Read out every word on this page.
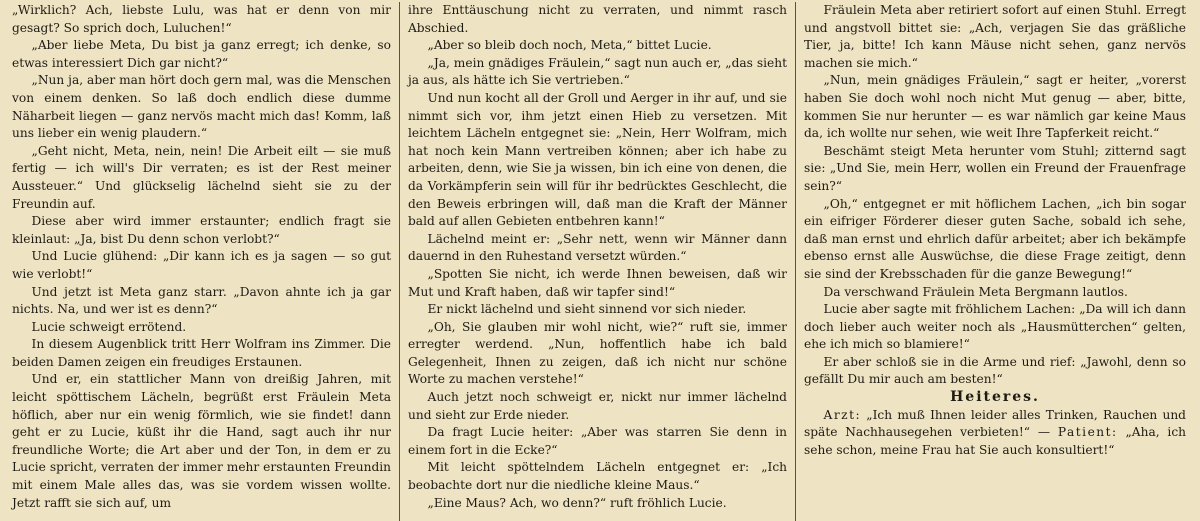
„Wirklich? Ach, liebste Lulu, was hat er denn von mir gesagt? So sprich doch, Luluchen!“

„Aber liebe Meta, Du bist ja ganz erregt; ich denke, so etwas interessiert Dich gar nicht?“

„Nun ja, aber man hört doch gern mal, was die Menschen von einem denken. So laß doch endlich diese dumme Näharbeit liegen — ganz nervös macht mich das! Komm, laß uns lieber ein wenig plaudern.“

„Geht nicht, Meta, nein, nein! Die Arbeit eilt — sie muß fertig — ich will's Dir verraten; es ist der Rest meiner Aussteuer.“ Und glückselig lächelnd sieht sie zu der Freundin auf.

Diese aber wird immer erstaunter; endlich fragt sie kleinlaut: „Ja, bist Du denn schon verlobt?“

Und Lucie glühend: „Dir kann ich es ja sagen — so gut wie verlobt!“

Und jetzt ist Meta ganz starr. „Davon ahnte ich ja gar nichts. Na, und wer ist es denn?“

Lucie schweigt errötend.

In diesem Augenblick tritt Herr Wolfram ins Zimmer. Die beiden Damen zeigen ein freudiges Erstaunen.

Und er, ein stattlicher Mann von dreißig Jahren, mit leicht spöttischem Lächeln, begrüßt erst Fräulein Meta höflich, aber nur ein wenig förmlich, wie sie findet! dann geht er zu Lucie, küßt ihr die Hand, sagt auch ihr nur freundliche Worte; die Art aber und der Ton, in dem er zu Lucie spricht, verraten der immer mehr erstaunten Freundin mit einem Male alles das, was sie vordem wissen wollte. Jetzt rafft sie sich auf, um

ihre Enttäuschung nicht zu verraten, und nimmt rasch Abschied.

„Aber so bleib doch noch, Meta,“ bittet Lucie.

„Ja, mein gnädiges Fräulein,“ sagt nun auch er, „das sieht ja aus, als hätte ich Sie vertrieben.“

Und nun kocht all der Groll und Aerger in ihr auf, und sie nimmt sich vor, ihm jetzt einen Hieb zu versetzen. Mit leichtem Lächeln entgegnet sie: „Nein, Herr Wolfram, mich hat noch kein Mann vertreiben können; aber ich habe zu arbeiten, denn, wie Sie ja wissen, bin ich eine von denen, die da Vorkämpferin sein will für ihr bedrücktes Geschlecht, die den Beweis erbringen will, daß man die Kraft der Männer bald auf allen Gebieten entbehren kann!“

Lächelnd meint er: „Sehr nett, wenn wir Männer dann dauernd in den Ruhestand versetzt würden.“

„Spotten Sie nicht, ich werde Ihnen beweisen, daß wir Mut und Kraft haben, daß wir tapfer sind!“

Er nickt lächelnd und sieht sinnend vor sich nieder.

„Oh, Sie glauben mir wohl nicht, wie?“ ruft sie, immer erregter werdend. „Nun, hoffentlich habe ich bald Gelegenheit, Ihnen zu zeigen, daß ich nicht nur schöne Worte zu machen verstehe!“

Auch jetzt noch schweigt er, nickt nur immer lächelnd und sieht zur Erde nieder.

Da fragt Lucie heiter: „Aber was starren Sie denn in einem fort in die Ecke?“

Mit leicht spöttelndem Lächeln entgegnet er: „Ich beobachte dort nur die niedliche kleine Maus.“

„Eine Maus? Ach, wo denn?“ ruft fröhlich Lucie.

Fräulein Meta aber retiriert sofort auf einen Stuhl. Erregt und angstvoll bittet sie: „Ach, verjagen Sie das gräßliche Tier, ja, bitte! Ich kann Mäuse nicht sehen, ganz nervös machen sie mich.“

„Nun, mein gnädiges Fräulein,“ sagt er heiter, „vorerst haben Sie doch wohl noch nicht Mut genug — aber, bitte, kommen Sie nur herunter — es war nämlich gar keine Maus da, ich wollte nur sehen, wie weit Ihre Tapferkeit reicht.“

Beschämt steigt Meta herunter vom Stuhl; zitternd sagt sie: „Und Sie, mein Herr, wollen ein Freund der Frauenfrage sein?“

„Oh,“ entgegnet er mit höflichem Lachen, „ich bin sogar ein eifriger Förderer dieser guten Sache, sobald ich sehe, daß man ernst und ehrlich dafür arbeitet; aber ich bekämpfe ebenso ernst alle Auswüchse, die diese Frage zeitigt, denn sie sind der Krebsschaden für die ganze Bewegung!“

Da verschwand Fräulein Meta Bergmann lautlos.

Lucie aber sagte mit fröhlichem Lachen: „Da will ich dann doch lieber auch weiter noch als „Hausmütterchen“ gelten, ehe ich mich so blamiere!“

Er aber schloß sie in die Arme und rief: „Jawohl, denn so gefällt Du mir auch am besten!“

Heiteres.

Arzt: „Ich muß Ihnen leider alles Trinken, Rauchen und späte Nachhausegehen verbieten!“ — Patient: „Aha, ich sehe schon, meine Frau hat Sie auch konsultiert!“
